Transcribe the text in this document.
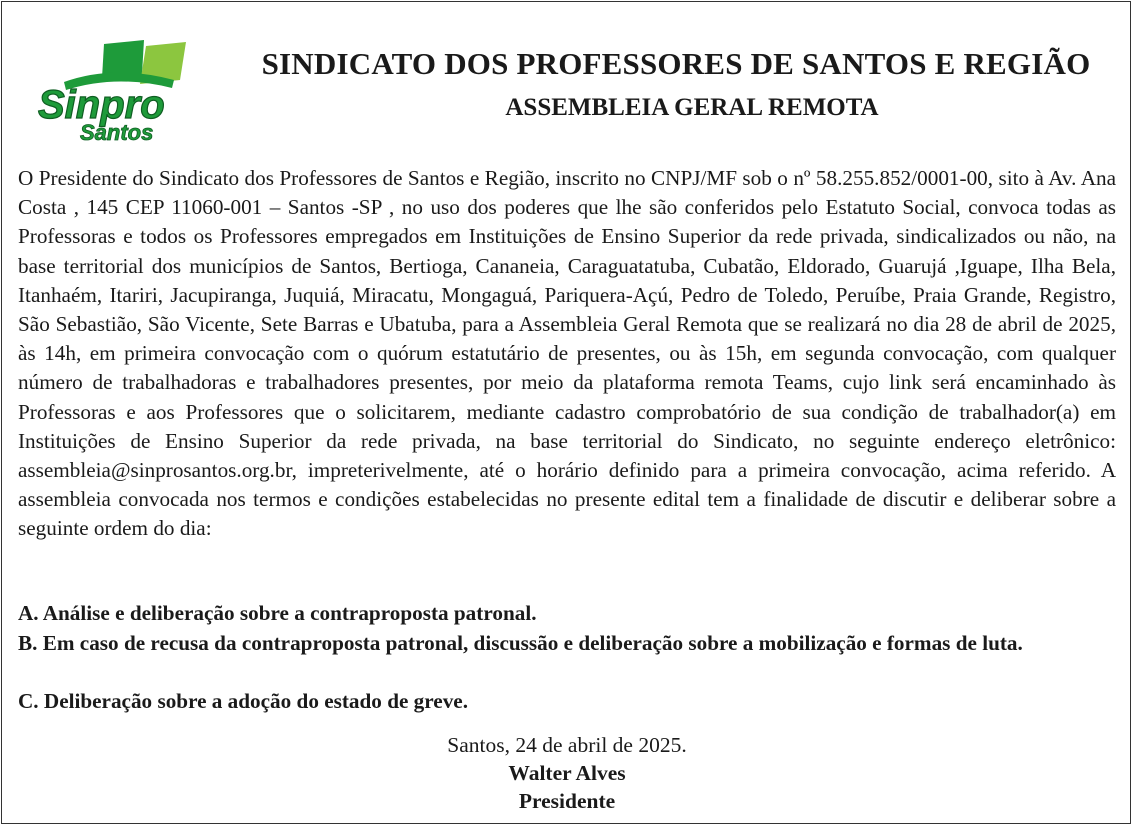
Sinpro
Santos
SINDICATO DOS PROFESSORES DE SANTOS E REGIÃO
ASSEMBLEIA GERAL REMOTA

O Presidente do Sindicato dos Professores de Santos e Região, inscrito no CNPJ/MF sob o nº 58.255.852/0001-00, sito à Av. Ana Costa , 145 CEP 11060-001 – Santos -SP , no uso dos poderes que lhe são conferidos pelo Estatuto Social, convoca todas as Professoras e todos os Professores empregados em Instituições de Ensino Superior da rede privada, sindicalizados ou não, na base territorial dos municípios de Santos, Bertioga, Cananeia, Caraguatatuba, Cubatão, Eldorado, Guarujá ,Iguape, Ilha Bela, Itanhaém, Itariri, Jacupiranga, Juquiá, Miracatu, Mongaguá, Pariquera-Açú, Pedro de Toledo, Peruíbe, Praia Grande, Registro, São Sebastião, São Vicente, Sete Barras e Ubatuba, para a Assembleia Geral Remota que se realizará no dia 28 de abril de 2025, às 14h, em primeira convocação com o quórum estatutário de presentes, ou às 15h, em segunda convocação, com qualquer número de trabalhadoras e trabalhadores presentes, por meio da plataforma remota Teams, cujo link será encaminhado às Professoras e aos Professores que o solicitarem, mediante cadastro comprobatório de sua condição de trabalhador(a) em Instituições de Ensino Superior da rede privada, na base territorial do Sindicato, no seguinte endereço eletrônico: assembleia@sinprosantos.org.br, impreterivelmente, até o horário definido para a primeira convocação, acima referido. A assembleia convocada nos termos e condições estabelecidas no presente edital tem a finalidade de discutir e deliberar sobre a seguinte ordem do dia:

A. Análise e deliberação sobre a contraproposta patronal.

B. Em caso de recusa da contraproposta patronal, discussão e deliberação sobre a mobilização e formas de luta.

C. Deliberação sobre a adoção do estado de greve.

Santos, 24 de abril de 2025.
Walter Alves
Presidente
